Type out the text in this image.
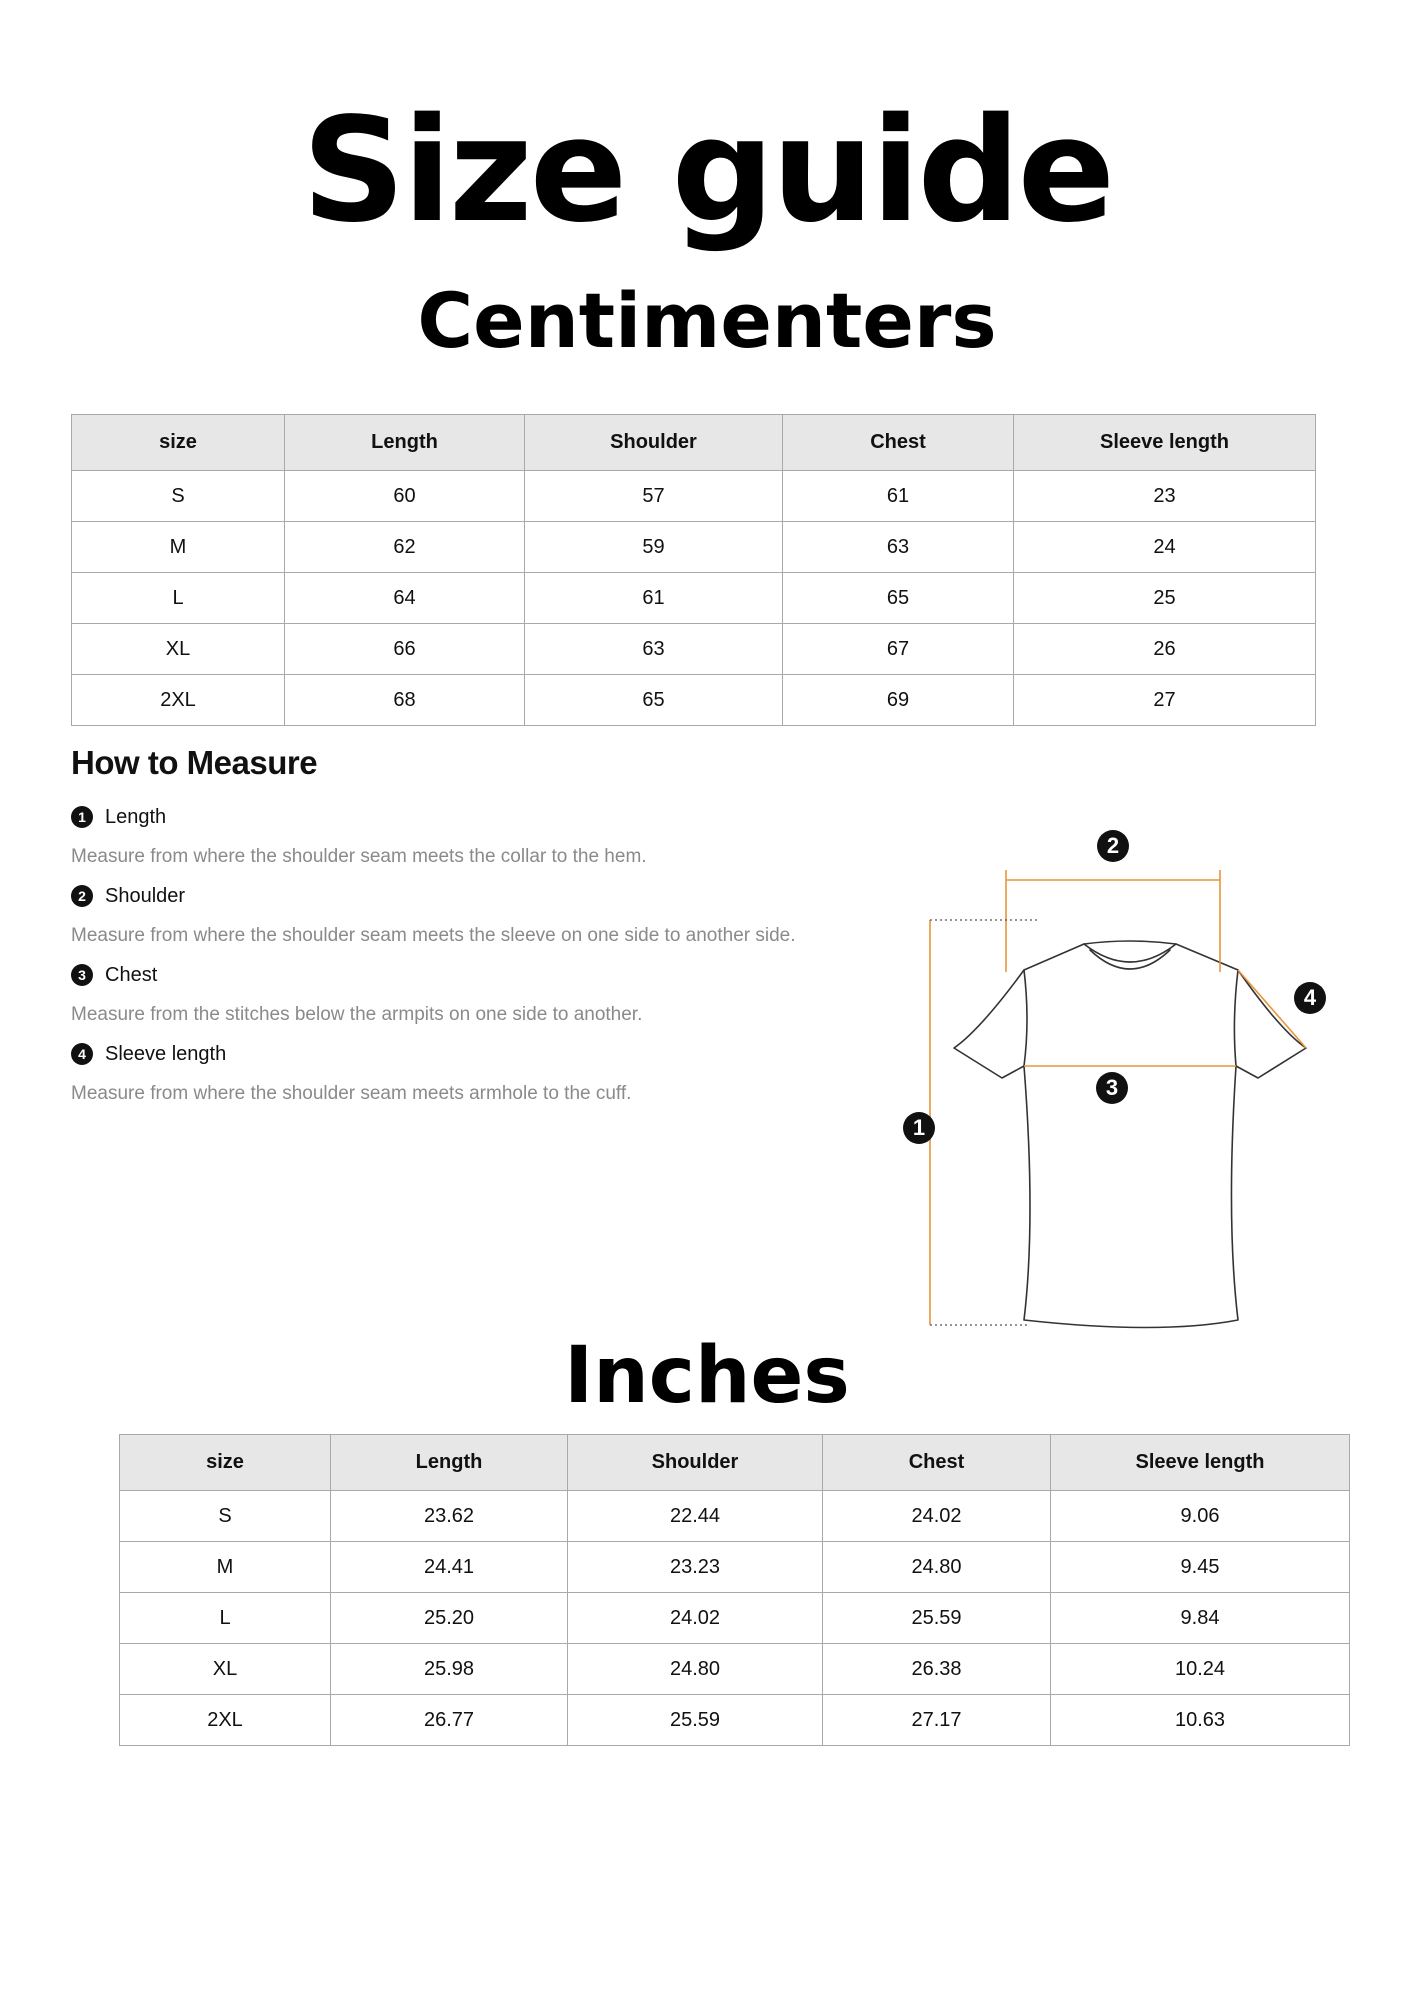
Size guide
Centimenters
size	Length	Shoulder	Chest	Sleeve length
S	60	57	61	23
M	62	59	63	24
L	64	61	65	25
XL	66	63	67	26
2XL	68	65	69	27
How to Measure
1 Length
Measure from where the shoulder seam meets the collar to the hem.
2 Shoulder
Measure from where the shoulder seam meets the sleeve on one side to another side.
3 Chest
Measure from the stitches below the armpits on one side to another.
4 Sleeve length
Measure from where the shoulder seam meets armhole to the cuff.
2
4
3
1
Inches
size	Length	Shoulder	Chest	Sleeve length
S	23.62	22.44	24.02	9.06
M	24.41	23.23	24.80	9.45
L	25.20	24.02	25.59	9.84
XL	25.98	24.80	26.38	10.24
2XL	26.77	25.59	27.17	10.63
